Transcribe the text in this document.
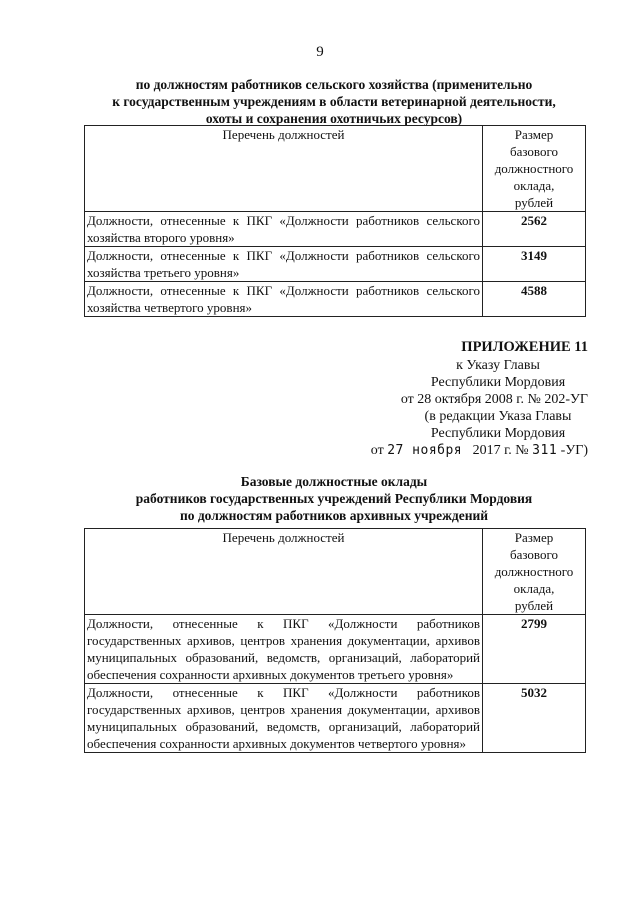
9
по должностям работников сельского хозяйства (применительно
к государственным учреждениям в области ветеринарной деятельности,
охоты и сохранения охотничьих ресурсов)
Перечень должностей	Размер
базового
должностного
оклада,
рублей

Должности, отнесенные к ПКГ «Должности работников сельского хозяйства второго уровня»	2562
Должности, отнесенные к ПКГ «Должности работников сельского хозяйства третьего уровня»	3149
Должности, отнесенные к ПКГ «Должности работников сельского хозяйства четвертого уровня»	4588
ПРИЛОЖЕНИЕ 11
к Указу Главы
Республики Мордовия
от 28 октября 2008 г. № 202-УГ
(в редакции Указа Главы
Республики Мордовия
от 27 ноября 2017 г. № 311 -УГ)
Базовые должностные оклады
работников государственных учреждений Республики Мордовия
по должностям работников архивных учреждений
Перечень должностей	Размер
базового
должностного
оклада,
рублей

Должности, отнесенные к ПКГ «Должности работников государственных архивов, центров хранения документации, архивов муниципальных образований, ведомств, организаций, лабораторий обеспечения сохранности архивных документов третьего уровня»	2799
Должности, отнесенные к ПКГ «Должности работников государственных архивов, центров хранения документации, архивов муниципальных образований, ведомств, организаций, лабораторий обеспечения сохранности архивных документов четвертого уровня»	5032
